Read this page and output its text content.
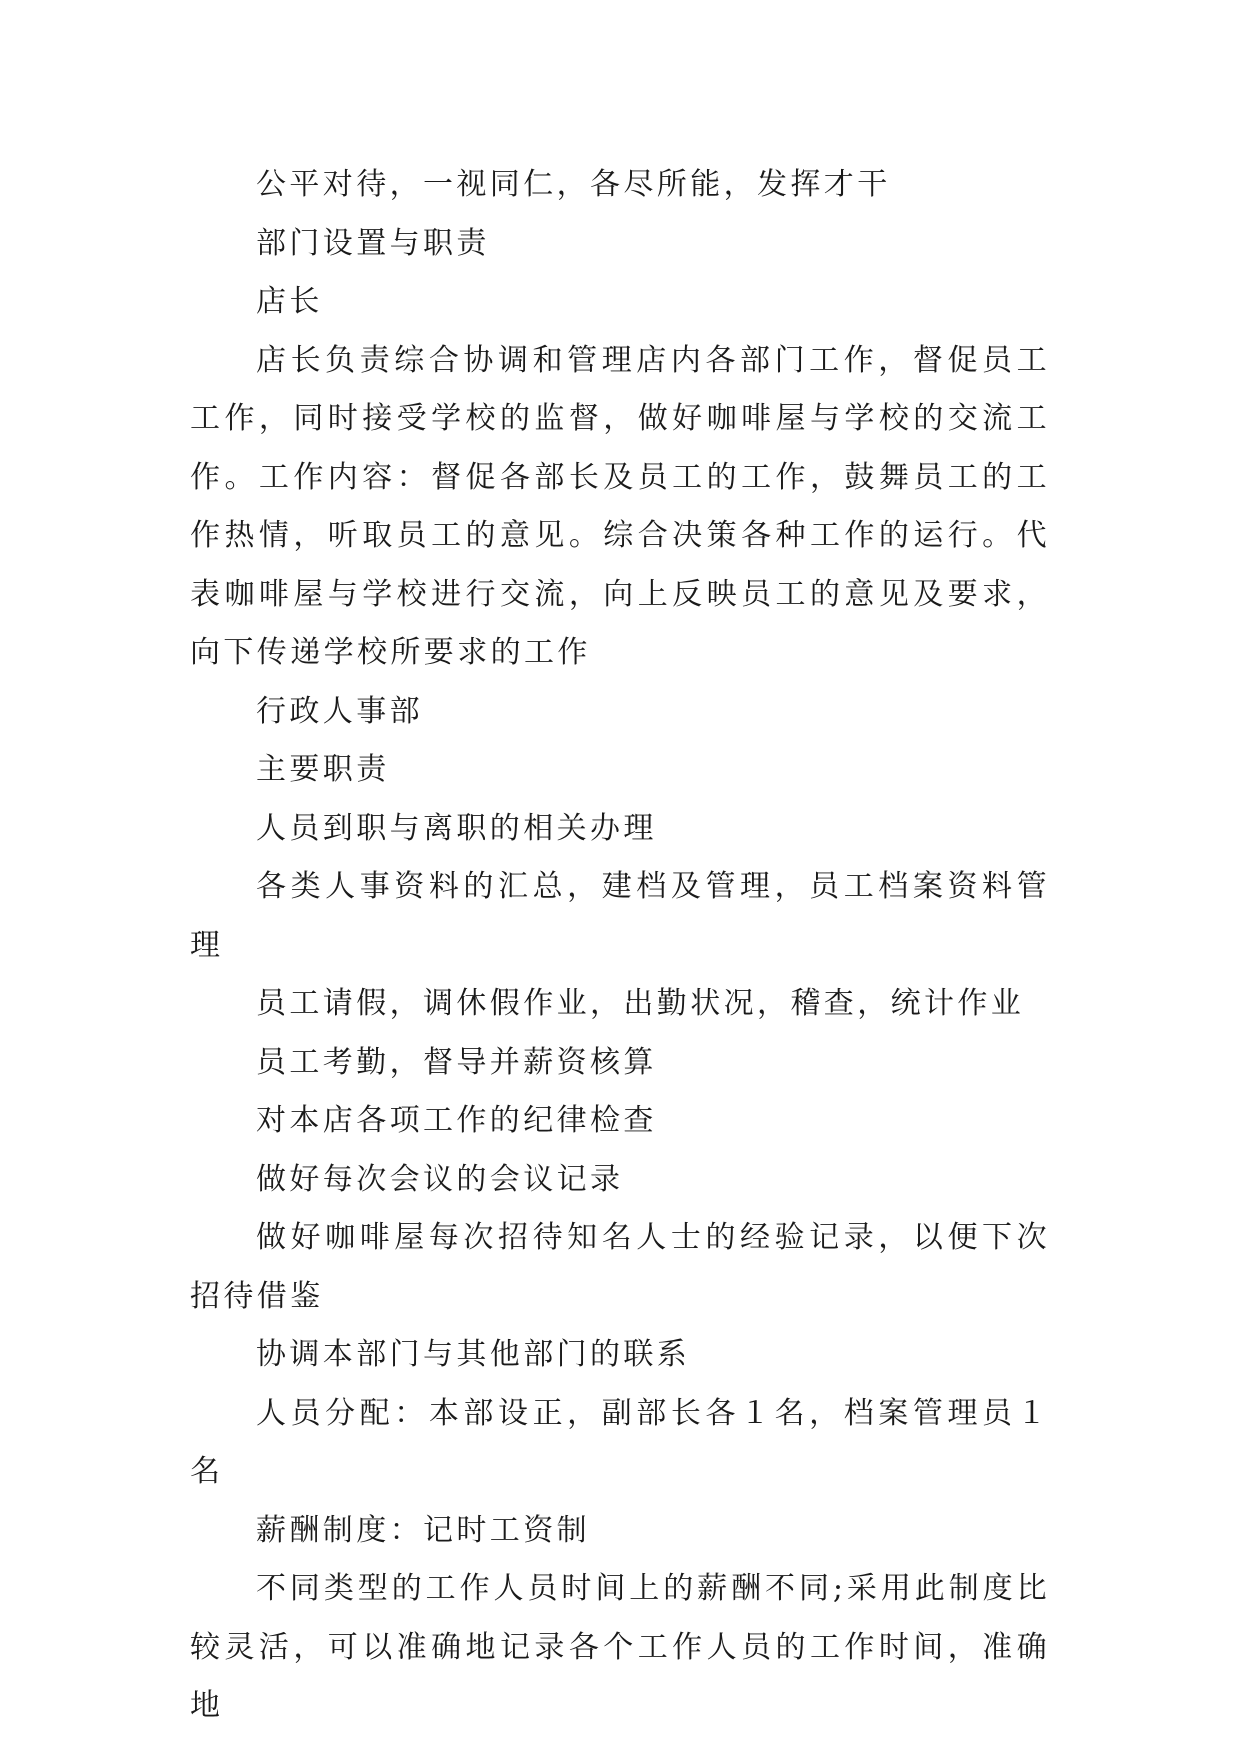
公平对待，一视同仁，各尽所能，发挥才干

部门设置与职责

店长

店长负责综合协调和管理店内各部门工作，督促员工工作，同时接受学校的监督，做好咖啡屋与学校的交流工作。工作内容：督促各部长及员工的工作，鼓舞员工的工作热情，听取员工的意见。综合决策各种工作的运行。代表咖啡屋与学校进行交流，向上反映员工的意见及要求，向下传递学校所要求的工作

行政人事部

主要职责

人员到职与离职的相关办理

各类人事资料的汇总，建档及管理，员工档案资料管理

员工请假，调休假作业，出勤状况，稽查，统计作业

员工考勤，督导并薪资核算

对本店各项工作的纪律检查

做好每次会议的会议记录

做好咖啡屋每次招待知名人士的经验记录，以便下次招待借鉴

协调本部门与其他部门的联系

人员分配：本部设正，副部长各１名，档案管理员１名

薪酬制度：记时工资制

不同类型的工作人员时间上的薪酬不同;采用此制度比较灵活，可以准确地记录各个工作人员的工作时间，准确地
